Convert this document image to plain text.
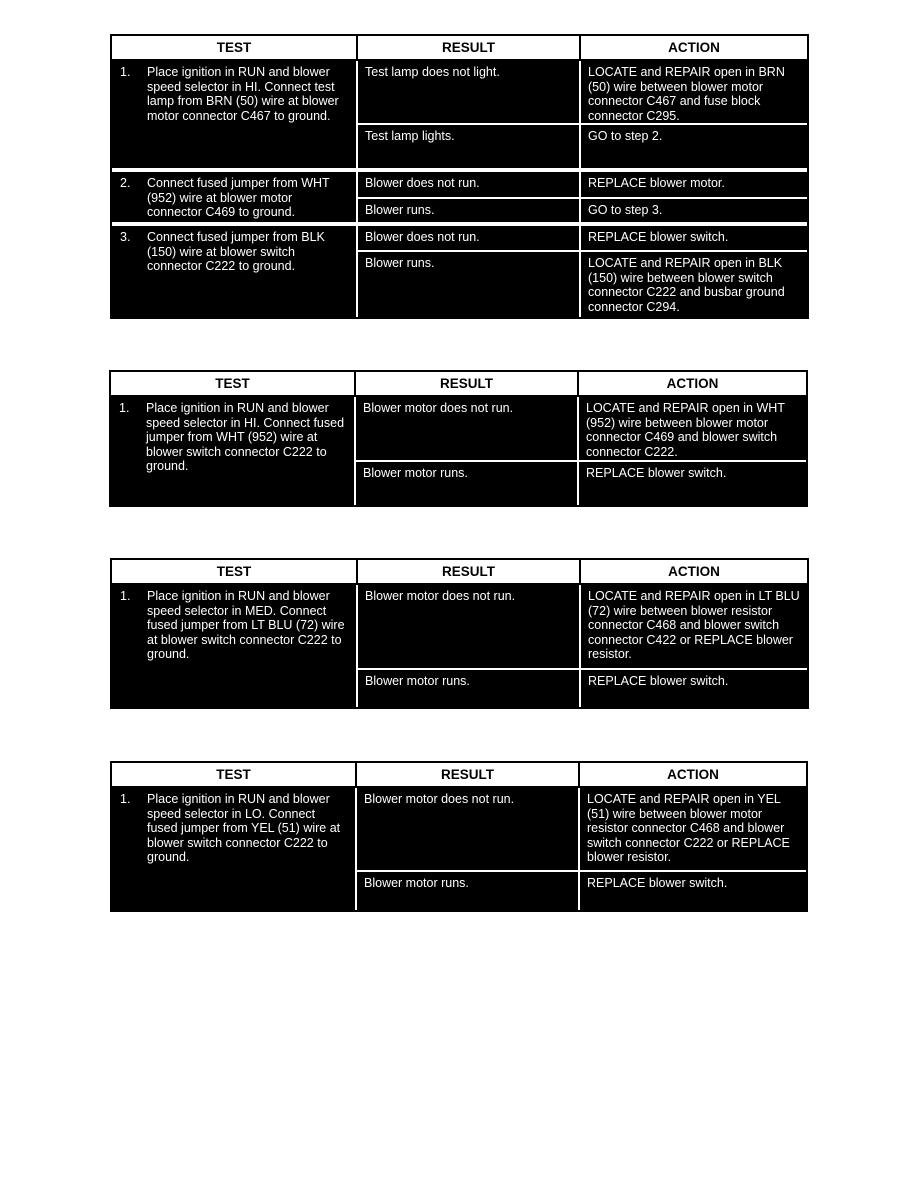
TEST	RESULT	ACTION
1.	Place ignition in RUN and blower speed selector in HI. Connect test lamp from BRN (50) wire at blower motor connector C467 to ground.
Test lamp does not light.	LOCATE and REPAIR open in BRN (50) wire between blower motor connector C467 and fuse block connector C295.
Test lamp lights.	GO to step 2.
2.	Connect fused jumper from WHT (952) wire at blower motor connector C469 to ground.
Blower does not run.	REPLACE blower motor.
Blower runs.	GO to step 3.
3.	Connect fused jumper from BLK (150) wire at blower switch connector C222 to ground.
Blower does not run.	REPLACE blower switch.
Blower runs.	LOCATE and REPAIR open in BLK (150) wire between blower switch connector C222 and busbar ground connector C294.
TEST	RESULT	ACTION
1.	Place ignition in RUN and blower speed selector in HI. Connect fused jumper from WHT (952) wire at blower switch connector C222 to ground.
Blower motor does not run.	LOCATE and REPAIR open in WHT (952) wire between blower motor connector C469 and blower switch connector C222.
Blower motor runs.	REPLACE blower switch.
TEST	RESULT	ACTION
1.	Place ignition in RUN and blower speed selector in MED. Connect fused jumper from LT BLU (72) wire at blower switch connector C222 to ground.
Blower motor does not run.	LOCATE and REPAIR open in LT BLU (72) wire between blower resistor connector C468 and blower switch connector C422 or REPLACE blower resistor.
Blower motor runs.	REPLACE blower switch.
TEST	RESULT	ACTION
1.	Place ignition in RUN and blower speed selector in LO. Connect fused jumper from YEL (51) wire at blower switch connector C222 to ground.
Blower motor does not run.	LOCATE and REPAIR open in YEL (51) wire between blower motor resistor connector C468 and blower switch connector C222 or REPLACE blower resistor.
Blower motor runs.	REPLACE blower switch.
